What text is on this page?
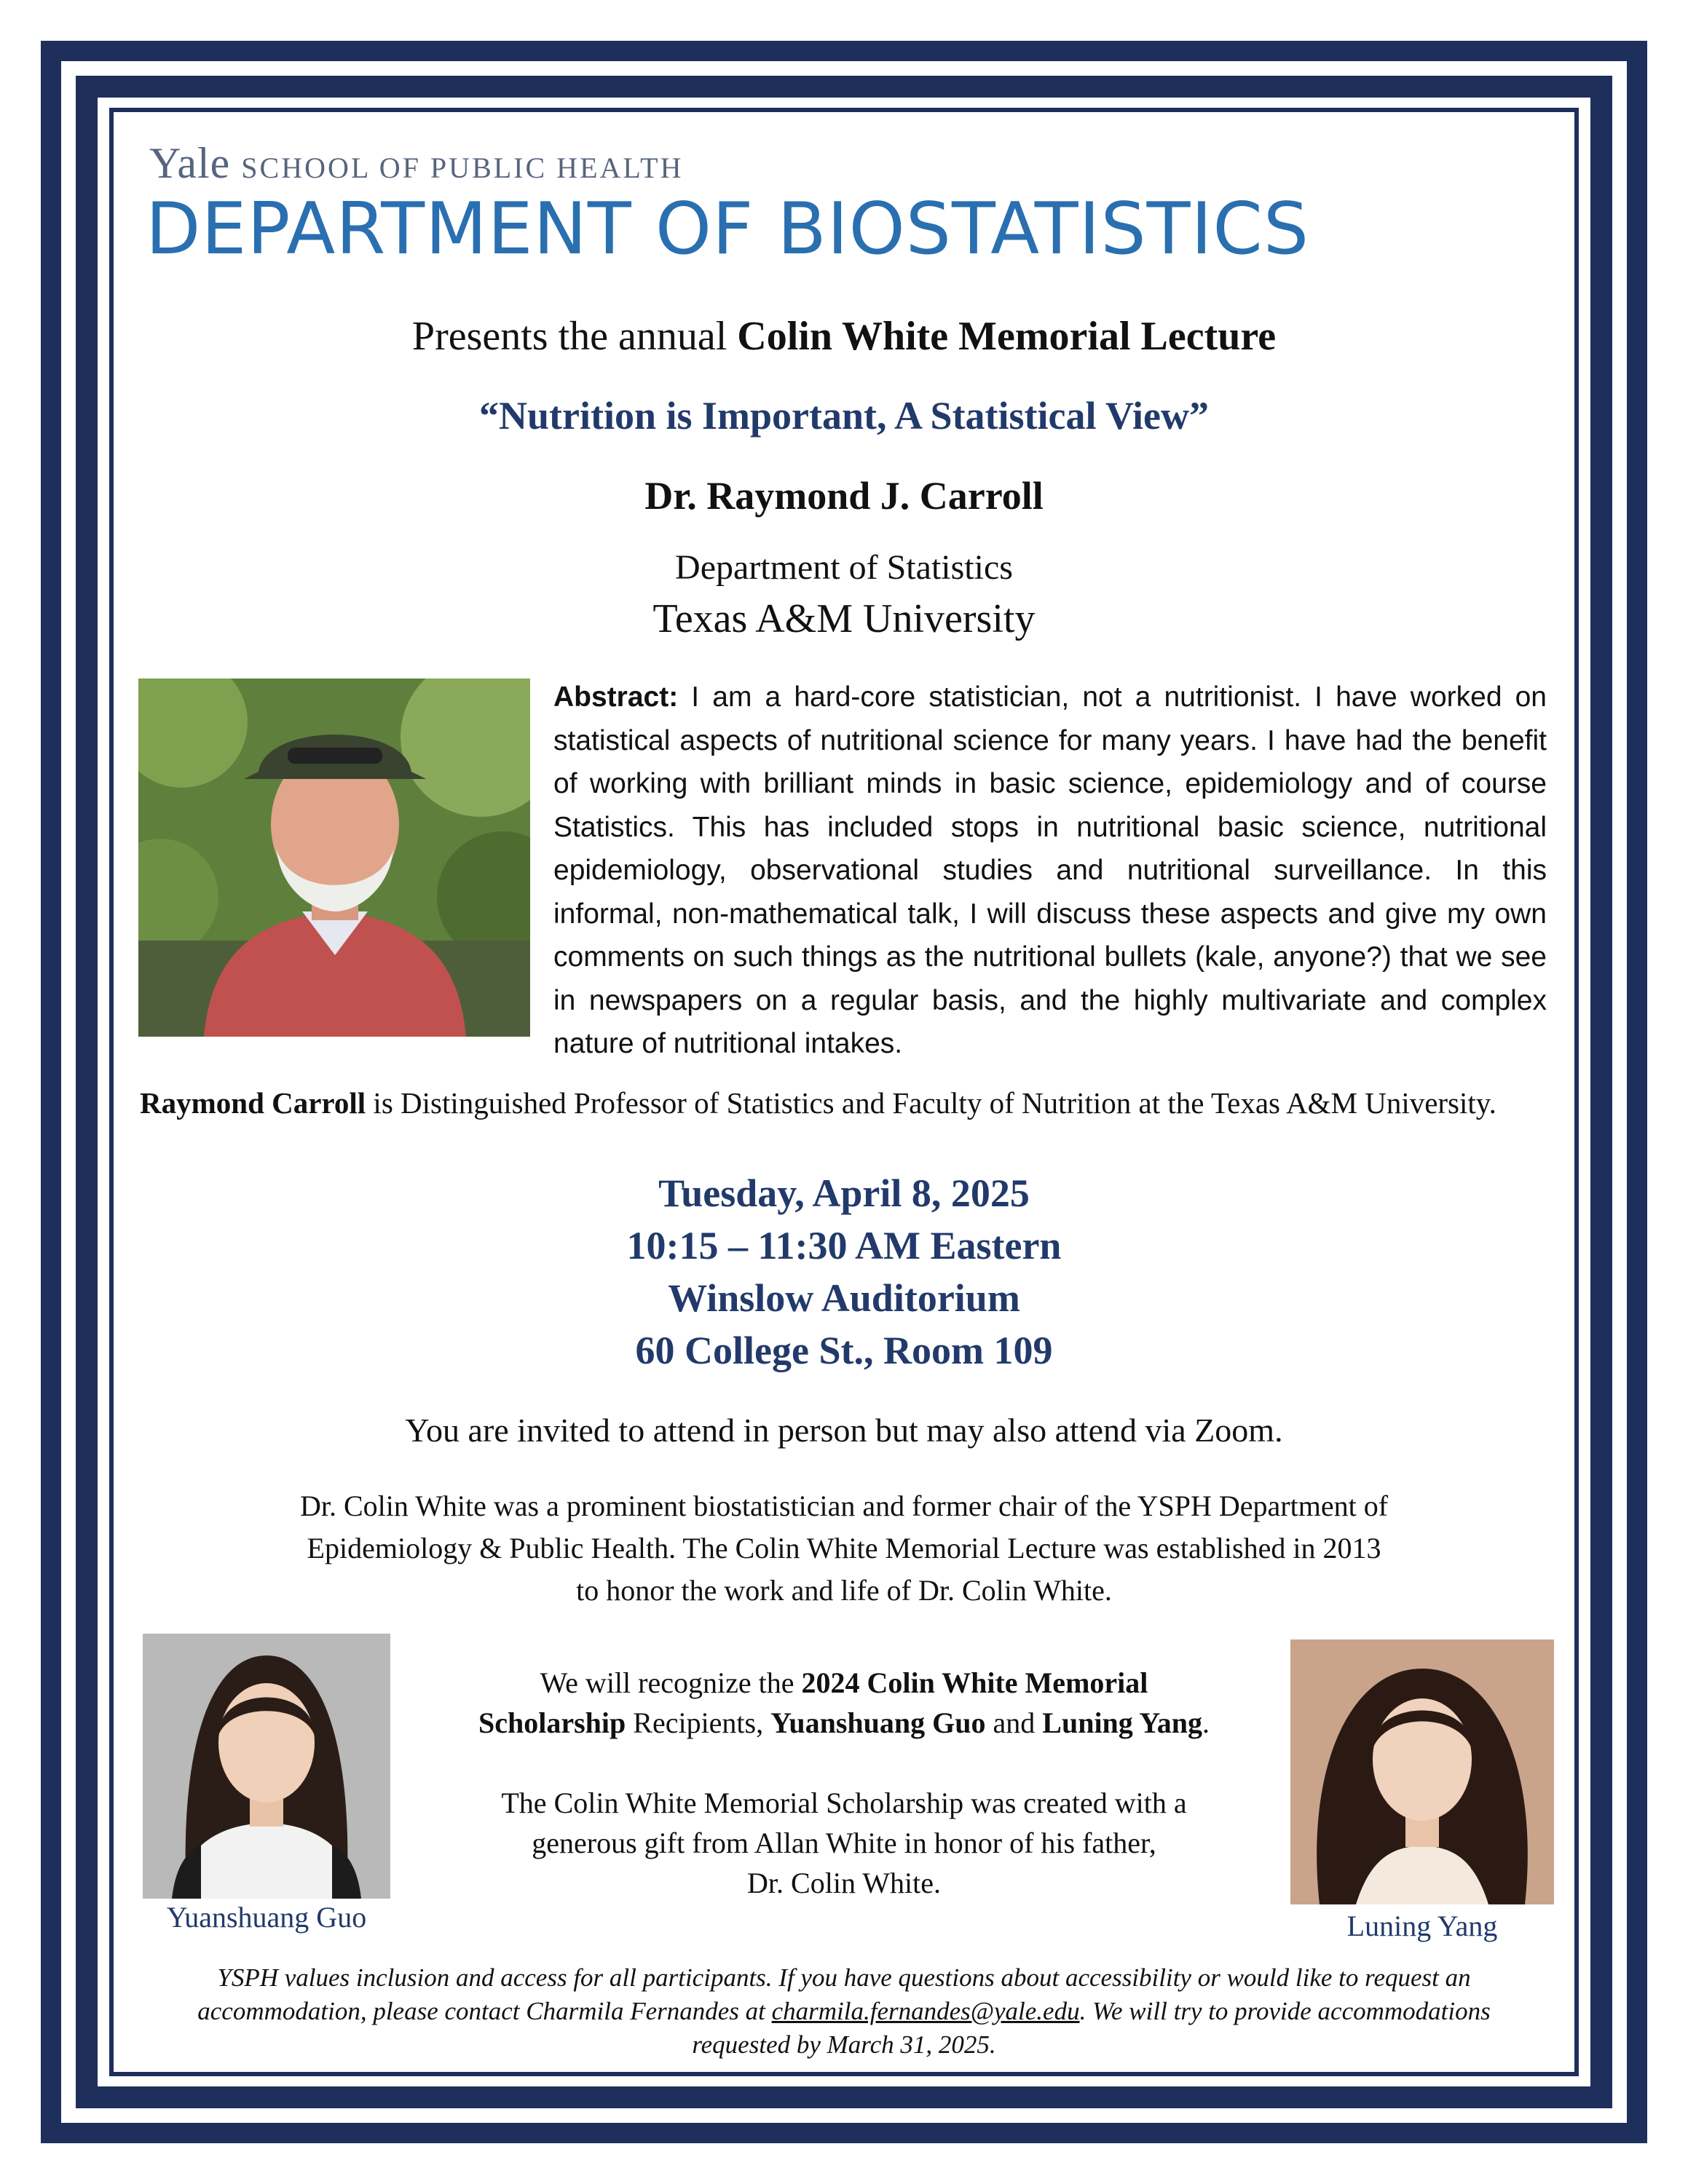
Yale SCHOOL OF PUBLIC HEALTH
DEPARTMENT OF BIOSTATISTICS
Presents the annual Colin White Memorial Lecture
“Nutrition is Important, A Statistical View”
Dr. Raymond J. Carroll
Department of Statistics
Texas A&M University
Abstract: I am a hard-core statistician, not a nutritionist. I have worked on statistical aspects of nutritional science for many years. I have had the benefit of working with brilliant minds in basic science, epidemiology and of course Statistics. This has included stops in nutritional basic science, nutritional epidemiology, observational studies and nutritional surveillance. In this informal, non-mathematical talk, I will discuss these aspects and give my own comments on such things as the nutritional bullets (kale, anyone?) that we see in newspapers on a regular basis, and the highly multivariate and complex nature of nutritional intakes.
Raymond Carroll is Distinguished Professor of Statistics and Faculty of Nutrition at the Texas A&M University.
Tuesday, April 8, 2025
10:15 – 11:30 AM Eastern
Winslow Auditorium
60 College St., Room 109
You are invited to attend in person but may also attend via Zoom.
Dr. Colin White was a prominent biostatistician and former chair of the YSPH Department of
Epidemiology & Public Health. The Colin White Memorial Lecture was established in 2013
to honor the work and life of Dr. Colin White.
Yuanshuang Guo
We will recognize the 2024 Colin White Memorial
Scholarship Recipients, Yuanshuang Guo and Luning Yang.
The Colin White Memorial Scholarship was created with a
generous gift from Allan White in honor of his father,
Dr. Colin White.
Luning Yang
YSPH values inclusion and access for all participants. If you have questions about accessibility or would like to request an accommodation, please contact Charmila Fernandes at charmila.fernandes@yale.edu. We will try to provide accommodations requested by March 31, 2025.
